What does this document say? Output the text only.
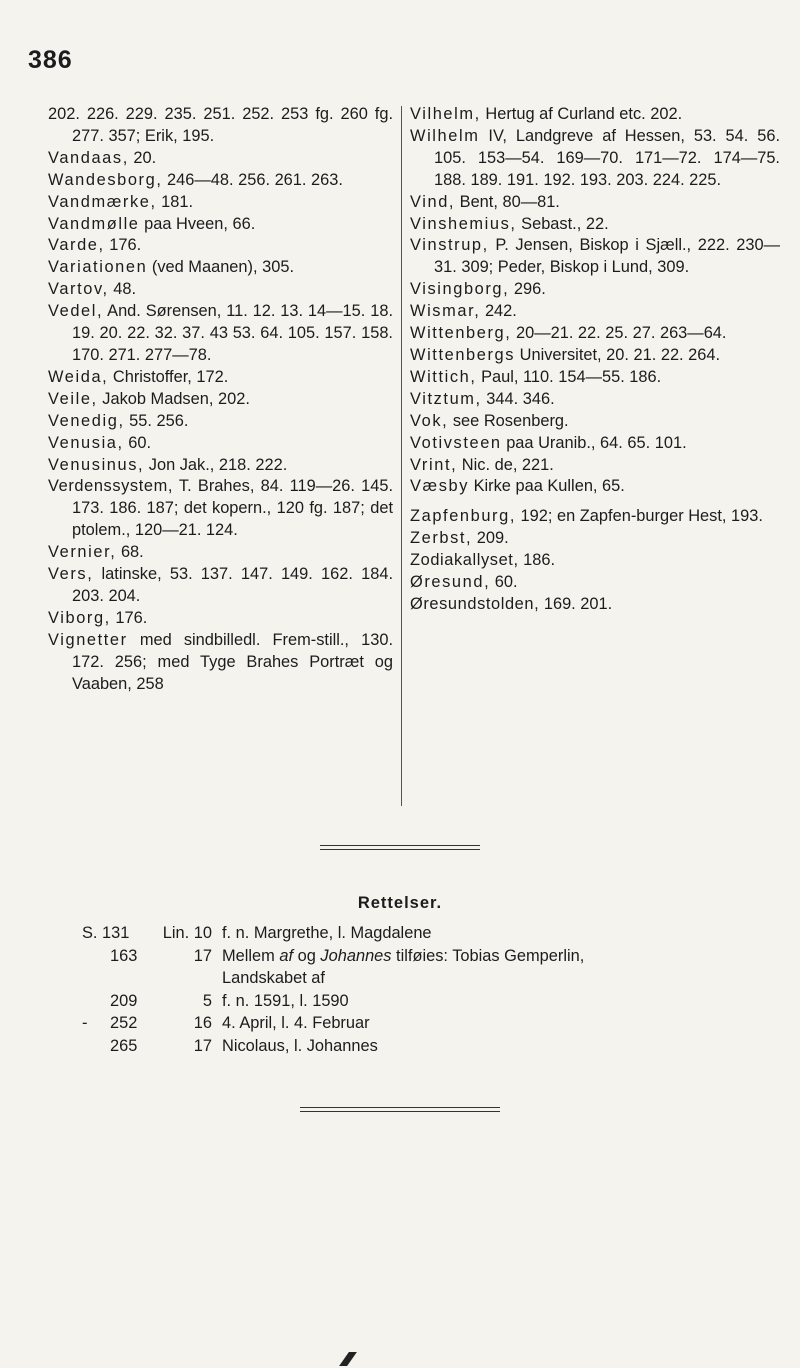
386
202. 226. 229. 235. 251. 252. 253 fg. 260 fg. 277. 357; Erik, 195.
Vandaas, 20.
Wandesborg, 246—48. 256. 261. 263.
Vandmærke, 181.
Vandmølle paa Hveen, 66.
Varde, 176.
Variationen (ved Maanen), 305.
Vartov, 48.
Vedel, And. Sørensen, 11. 12. 13. 14—15. 18. 19. 20. 22. 32. 37. 43 53. 64. 105. 157. 158. 170. 271. 277—78.
Weida, Christoffer, 172.
Veile, Jakob Madsen, 202.
Venedig, 55. 256.
Venusia, 60.
Venusinus, Jon Jak., 218. 222.
Verdenssystem, T. Brahes, 84. 119—26. 145. 173. 186. 187; det kopern., 120 fg. 187; det ptolem., 120—21. 124.
Vernier, 68.
Vers, latinske, 53. 137. 147. 149. 162. 184. 203. 204.
Viborg, 176.
Vignetter med sindbilledl. Frem-still., 130. 172. 256; med Tyge Brahes Portræt og Vaaben, 258
Vilhelm, Hertug af Curland etc. 202.
Wilhelm IV, Landgreve af Hessen, 53. 54. 56. 105. 153—54. 169—70. 171—72. 174—75. 188. 189. 191. 192. 193. 203. 224. 225.
Vind, Bent, 80—81.
Vinshemius, Sebast., 22.
Vinstrup, P. Jensen, Biskop i Sjæll., 222. 230—31. 309; Peder, Biskop i Lund, 309.
Visingborg, 296.
Wismar, 242.
Wittenberg, 20—21. 22. 25. 27. 263—64.
Wittenbergs Universitet, 20. 21. 22. 264.
Wittich, Paul, 110. 154—55. 186.
Vitztum, 344. 346.
Vok, see Rosenberg.
Votivsteen paa Uranib., 64. 65. 101.
Vrint, Nic. de, 221.
Væsby Kirke paa Kullen, 65.
Zapfenburg, 192; en Zapfen-burger Hest, 193.
Zerbst, 209.
Zodiakallyset, 186.
Øresund, 60.
Øresundstolden, 169. 201.
Rettelser.
S. 131	Lin. 10 f. n. Margrethe, l. Magdalene
163	17 Mellem af og Johannes tilføies: Tobias Gemperlin,
Landskabet af
209	5 f. n. 1591, l. 1590
-	252	16 4. April, l. 4. Februar
265	17 Nicolaus, l. Johannes
